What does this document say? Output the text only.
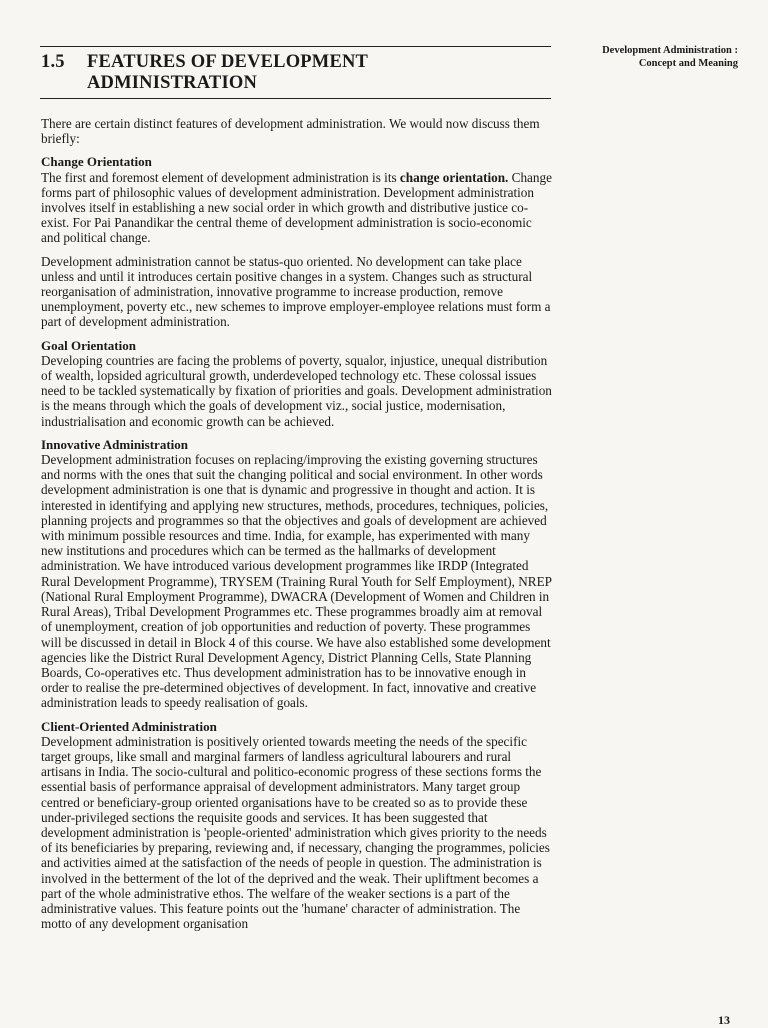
1.5 FEATURES OF DEVELOPMENT
ADMINISTRATION
Development Administration :
Concept and Meaning

There are certain distinct features of development administration. We would now discuss them briefly:

Change Orientation

The first and foremost element of development administration is its change orientation. Change forms part of philosophic values of development administration. Development administration involves itself in establishing a new social order in which growth and distributive justice co-exist. For Pai Panandikar the central theme of development administration is socio-economic and political change.

Development administration cannot be status-quo oriented. No development can take place unless and until it introduces certain positive changes in a system. Changes such as structural reorganisation of administration, innovative programme to increase production, remove unemployment, poverty etc., new schemes to improve employer-employee relations must form a part of development administration.

Goal Orientation

Developing countries are facing the problems of poverty, squalor, injustice, unequal distribution of wealth, lopsided agricultural growth, underdeveloped technology etc. These colossal issues need to be tackled systematically by fixation of priorities and goals. Development administration is the means through which the goals of development viz., social justice, modernisation, industrialisation and economic growth can be achieved.

Innovative Administration

Development administration focuses on replacing/improving the existing governing structures and norms with the ones that suit the changing political and social environment. In other words development administration is one that is dynamic and progressive in thought and action. It is interested in identifying and applying new structures, methods, procedures, techniques, policies, planning projects and programmes so that the objectives and goals of development are achieved with minimum possible resources and time. India, for example, has experimented with many new institutions and procedures which can be termed as the hallmarks of development administration. We have introduced various development programmes like IRDP (Integrated Rural Development Programme), TRYSEM (Training Rural Youth for Self Employment), NREP (National Rural Employment Programme), DWACRA (Development of Women and Children in Rural Areas), Tribal Development Programmes etc. These programmes broadly aim at removal of unemployment, creation of job opportunities and reduction of poverty. These programmes will be discussed in detail in Block 4 of this course. We have also established some development agencies like the District Rural Development Agency, District Planning Cells, State Planning Boards, Co-operatives etc. Thus development administration has to be innovative enough in order to realise the pre-determined objectives of development. In fact, innovative and creative administration leads to speedy realisation of goals.

Client-Oriented Administration

Development administration is positively oriented towards meeting the needs of the specific target groups, like small and marginal farmers of landless agricultural labourers and rural artisans in India. The socio-cultural and politico-economic progress of these sections forms the essential basis of performance appraisal of development administrators. Many target group centred or beneficiary-group oriented organisations have to be created so as to provide these under-privileged sections the requisite goods and services. It has been suggested that development administration is 'people-oriented' administration which gives priority to the needs of its beneficiaries by preparing, reviewing and, if necessary, changing the programmes, policies and activities aimed at the satisfaction of the needs of people in question. The administration is involved in the betterment of the lot of the deprived and the weak. Their upliftment becomes a part of the whole administrative ethos. The welfare of the weaker sections is a part of the administrative values. This feature points out the 'humane' character of administration. The motto of any development organisation

13
